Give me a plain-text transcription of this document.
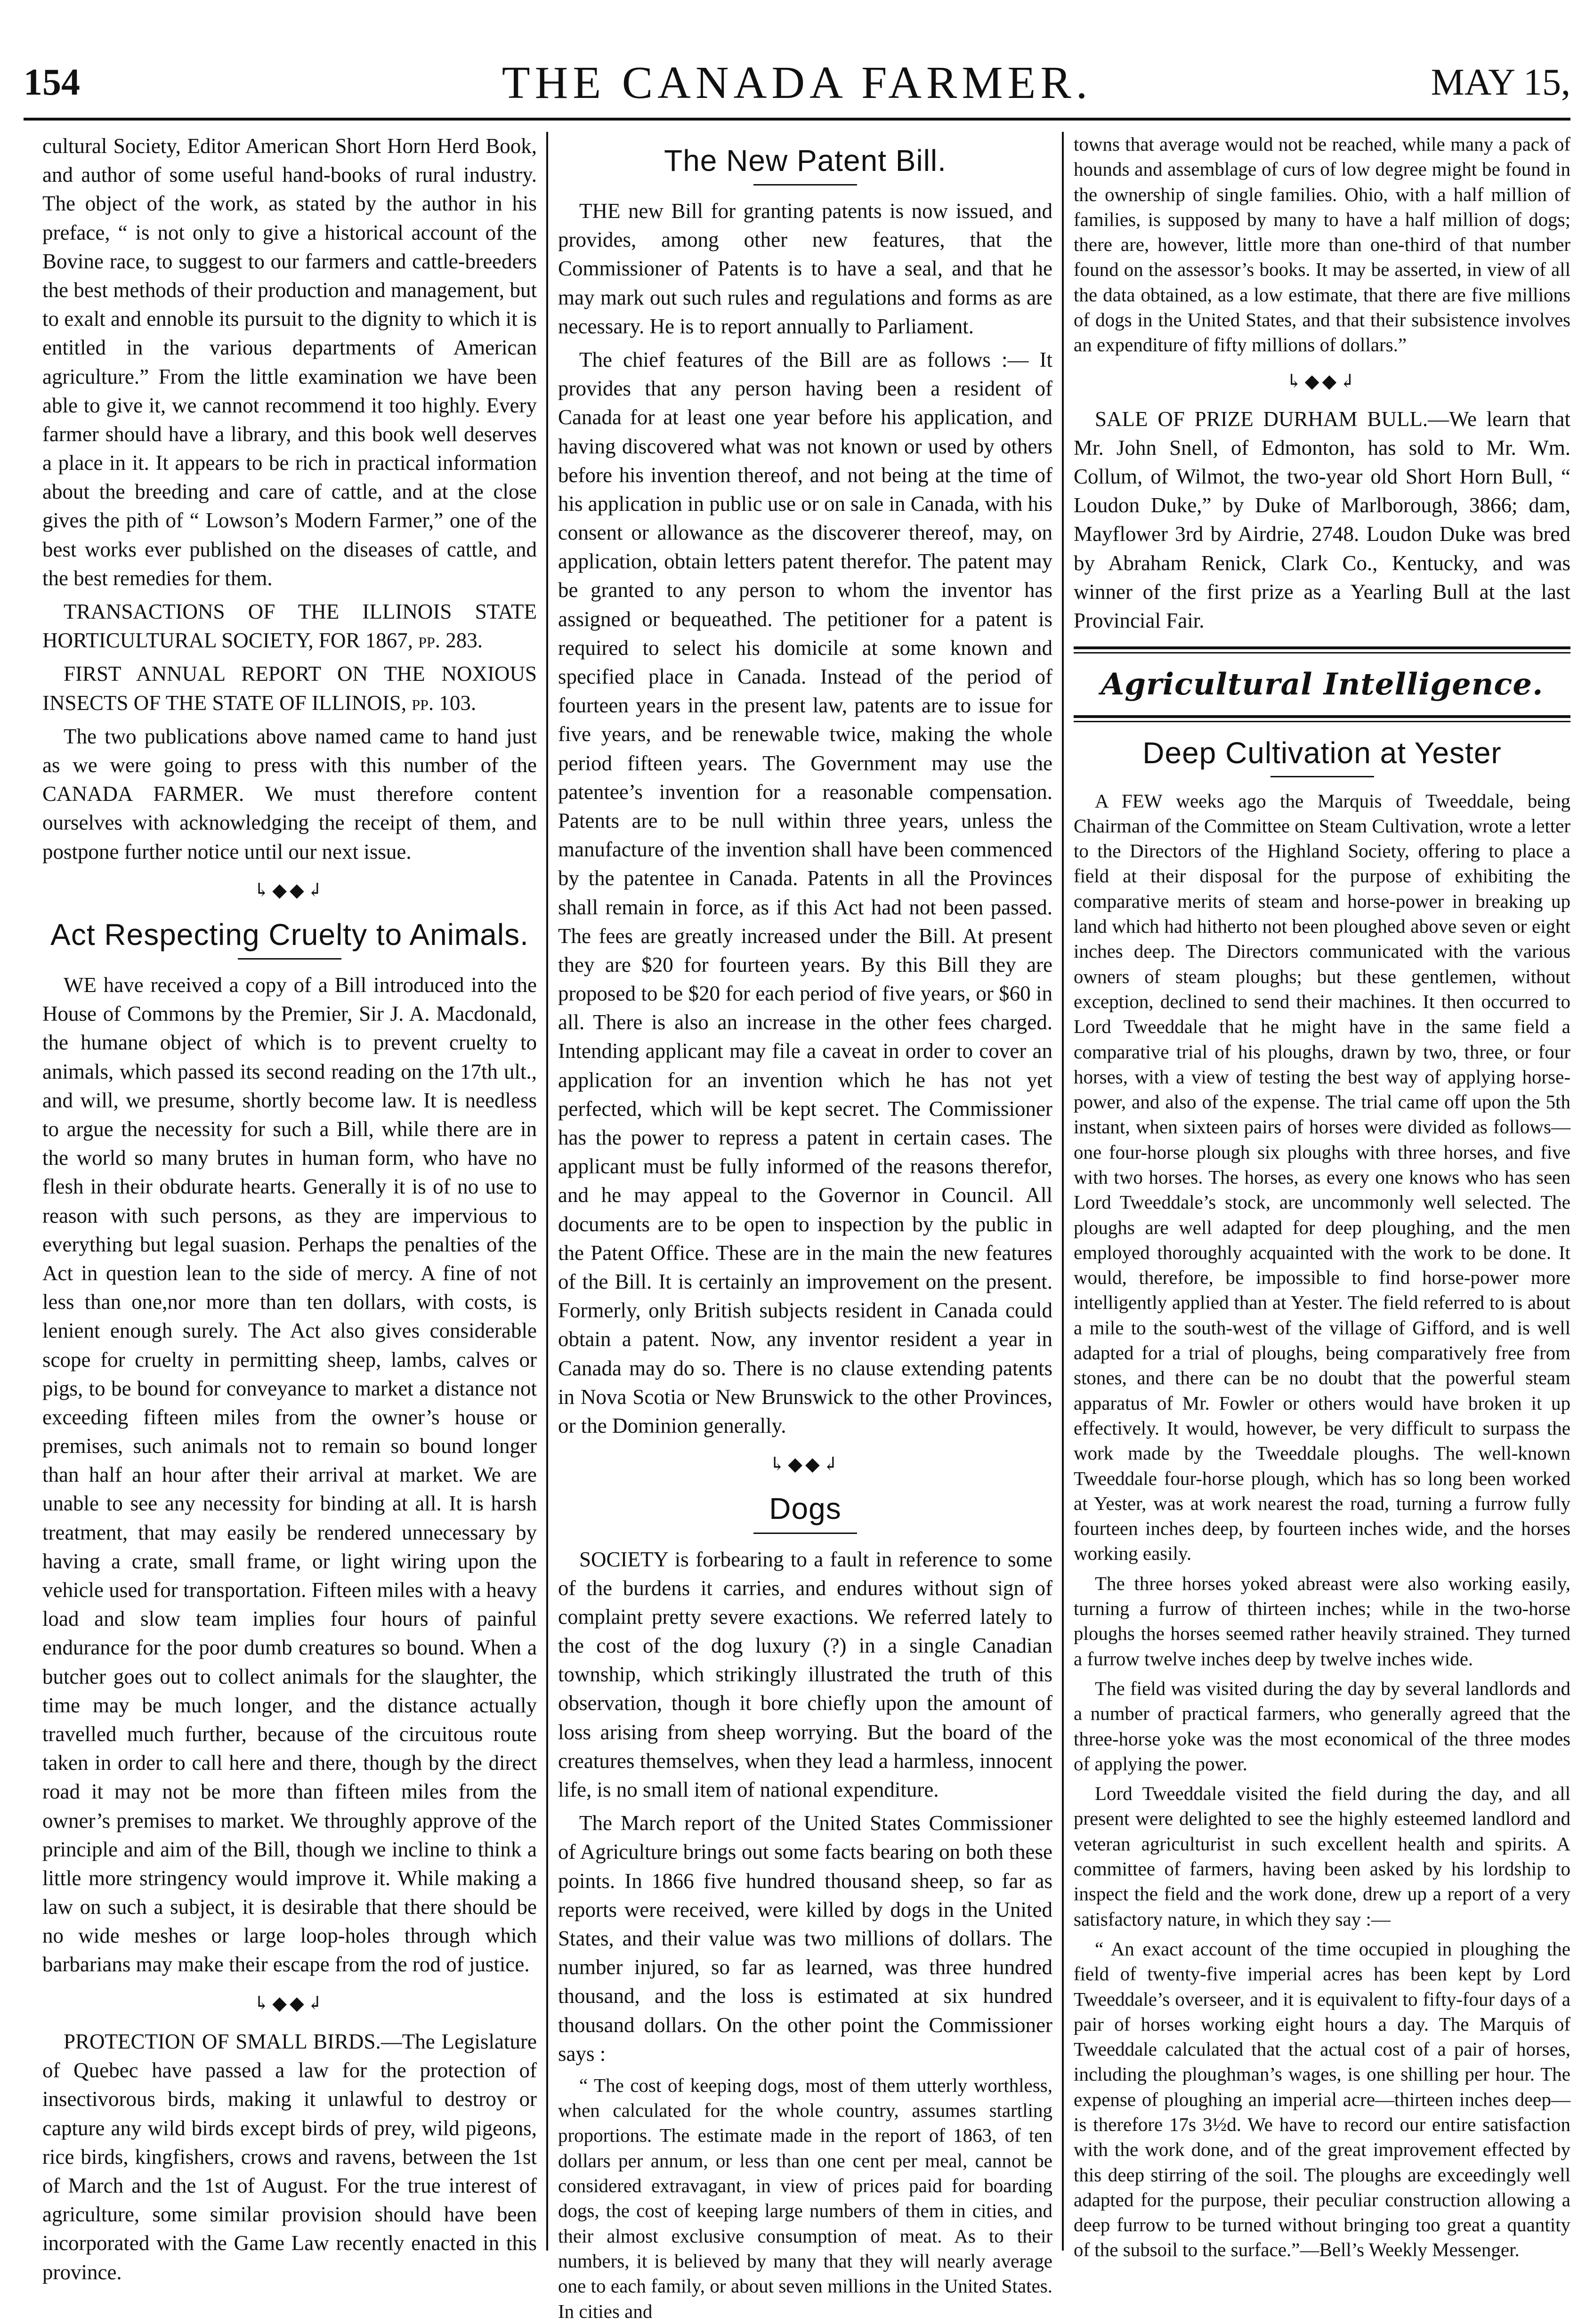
154	THE CANADA FARMER.	MAY 15,

cultural Society, Editor American Short Horn Herd Book, and author of some useful hand-books of rural industry. The object of the work, as stated by the author in his preface, “ is not only to give a historical account of the Bovine race, to suggest to our farmers and cattle-breeders the best methods of their production and management, but to exalt and ennoble its pursuit to the dignity to which it is entitled in the various departments of American agriculture.” From the little examination we have been able to give it, we cannot recommend it too highly. Every farmer should have a library, and this book well deserves a place in it. It appears to be rich in practical information about the breeding and care of cattle, and at the close gives the pith of “ Lowson’s Modern Farmer,” one of the best works ever published on the diseases of cattle, and the best remedies for them.

TRANSACTIONS OF THE ILLINOIS STATE HORTICULTURAL SOCIETY, FOR 1867, pp. 283.

FIRST ANNUAL REPORT ON THE NOXIOUS INSECTS OF THE STATE OF ILLINOIS, pp. 103.

The two publications above named came to hand just as we were going to press with this number of the CANADA FARMER. We must therefore content ourselves with acknowledging the receipt of them, and postpone further notice until our next issue.

↳◆◆↲
Act Respecting Cruelty to Animals.

WE have received a copy of a Bill introduced into the House of Commons by the Premier, Sir J. A. Macdonald, the humane object of which is to prevent cruelty to animals, which passed its second reading on the 17th ult., and will, we presume, shortly become law. It is needless to argue the necessity for such a Bill, while there are in the world so many brutes in human form, who have no flesh in their obdurate hearts. Generally it is of no use to reason with such persons, as they are impervious to everything but legal suasion. Perhaps the penalties of the Act in question lean to the side of mercy. A fine of not less than one,nor more than ten dollars, with costs, is lenient enough surely. The Act also gives considerable scope for cruelty in permitting sheep, lambs, calves or pigs, to be bound for conveyance to market a distance not exceeding fifteen miles from the owner’s house or premises, such animals not to remain so bound longer than half an hour after their arrival at market. We are unable to see any necessity for binding at all. It is harsh treatment, that may easily be rendered unnecessary by having a crate, small frame, or light wiring upon the vehicle used for transportation. Fifteen miles with a heavy load and slow team implies four hours of painful endurance for the poor dumb creatures so bound. When a butcher goes out to collect animals for the slaughter, the time may be much longer, and the distance actually travelled much further, because of the circuitous route taken in order to call here and there, though by the direct road it may not be more than fifteen miles from the owner’s premises to market. We throughly approve of the principle and aim of the Bill, though we incline to think a little more stringency would improve it. While making a law on such a subject, it is desirable that there should be no wide meshes or large loop-holes through which barbarians may make their escape from the rod of justice.

↳◆◆↲

PROTECTION OF SMALL BIRDS.—The Legislature of Quebec have passed a law for the protection of insectivorous birds, making it unlawful to destroy or capture any wild birds except birds of prey, wild pigeons, rice birds, kingfishers, crows and ravens, between the 1st of March and the 1st of August. For the true interest of agriculture, some similar provision should have been incorporated with the Game Law recently enacted in this province.

The New Patent Bill.

THE new Bill for granting patents is now issued, and provides, among other new features, that the Commissioner of Patents is to have a seal, and that he may mark out such rules and regulations and forms as are necessary. He is to report annually to Parliament.

The chief features of the Bill are as follows :— It provides that any person having been a resident of Canada for at least one year before his application, and having discovered what was not known or used by others before his invention thereof, and not being at the time of his application in public use or on sale in Canada, with his consent or allowance as the discoverer thereof, may, on application, obtain letters patent therefor. The patent may be granted to any person to whom the inventor has assigned or bequeathed. The petitioner for a patent is required to select his domicile at some known and specified place in Canada. Instead of the period of fourteen years in the present law, patents are to issue for five years, and be renewable twice, making the whole period fifteen years. The Government may use the patentee’s invention for a reasonable compensation. Patents are to be null within three years, unless the manufacture of the invention shall have been commenced by the patentee in Canada. Patents in all the Provinces shall remain in force, as if this Act had not been passed. The fees are greatly increased under the Bill. At present they are $20 for fourteen years. By this Bill they are proposed to be $20 for each period of five years, or $60 in all. There is also an increase in the other fees charged. Intending applicant may file a caveat in order to cover an application for an invention which he has not yet perfected, which will be kept secret. The Commissioner has the power to repress a patent in certain cases. The applicant must be fully informed of the reasons therefor, and he may appeal to the Governor in Council. All documents are to be open to inspection by the public in the Patent Office. These are in the main the new features of the Bill. It is certainly an improvement on the present. Formerly, only British subjects resident in Canada could obtain a patent. Now, any inventor resident a year in Canada may do so. There is no clause extending patents in Nova Scotia or New Brunswick to the other Provinces, or the Dominion generally.

↳◆◆↲
Dogs

SOCIETY is forbearing to a fault in reference to some of the burdens it carries, and endures without sign of complaint pretty severe exactions. We referred lately to the cost of the dog luxury (?) in a single Canadian township, which strikingly illustrated the truth of this observation, though it bore chiefly upon the amount of loss arising from sheep worrying. But the board of the creatures themselves, when they lead a harmless, innocent life, is no small item of national expenditure.

The March report of the United States Commissioner of Agriculture brings out some facts bearing on both these points. In 1866 five hundred thousand sheep, so far as reports were received, were killed by dogs in the United States, and their value was two millions of dollars. The number injured, so far as learned, was three hundred thousand, and the loss is estimated at six hundred thousand dollars. On the other point the Commissioner says :

“ The cost of keeping dogs, most of them utterly worthless, when calculated for the whole country, assumes startling proportions. The estimate made in the report of 1863, of ten dollars per annum, or less than one cent per meal, cannot be considered extravagant, in view of prices paid for boarding dogs, the cost of keeping large numbers of them in cities, and their almost exclusive consumption of meat. As to their numbers, it is believed by many that they will nearly average one to each family, or about seven millions in the United States. In cities and

towns that average would not be reached, while many a pack of hounds and assemblage of curs of low degree might be found in the ownership of single families. Ohio, with a half million of families, is supposed by many to have a half million of dogs; there are, however, little more than one-third of that number found on the assessor’s books. It may be asserted, in view of all the data obtained, as a low estimate, that there are five millions of dogs in the United States, and that their subsistence involves an expenditure of fifty millions of dollars.”

↳◆◆↲

SALE OF PRIZE DURHAM BULL.—We learn that Mr. John Snell, of Edmonton, has sold to Mr. Wm. Collum, of Wilmot, the two-year old Short Horn Bull, “ Loudon Duke,” by Duke of Marlborough, 3866; dam, Mayflower 3rd by Airdrie, 2748. Loudon Duke was bred by Abraham Renick, Clark Co., Kentucky, and was winner of the first prize as a Yearling Bull at the last Provincial Fair.

Agricultural Intelligence.
Deep Cultivation at Yester

A FEW weeks ago the Marquis of Tweeddale, being Chairman of the Committee on Steam Cultivation, wrote a letter to the Directors of the Highland Society, offering to place a field at their disposal for the purpose of exhibiting the comparative merits of steam and horse-power in breaking up land which had hitherto not been ploughed above seven or eight inches deep. The Directors communicated with the various owners of steam ploughs; but these gentlemen, without exception, declined to send their machines. It then occurred to Lord Tweeddale that he might have in the same field a comparative trial of his ploughs, drawn by two, three, or four horses, with a view of testing the best way of applying horse-power, and also of the expense. The trial came off upon the 5th instant, when sixteen pairs of horses were divided as follows—one four-horse plough six ploughs with three horses, and five with two horses. The horses, as every one knows who has seen Lord Tweeddale’s stock, are uncommonly well selected. The ploughs are well adapted for deep ploughing, and the men employed thoroughly acquainted with the work to be done. It would, therefore, be impossible to find horse-power more intelligently applied than at Yester. The field referred to is about a mile to the south-west of the village of Gifford, and is well adapted for a trial of ploughs, being comparatively free from stones, and there can be no doubt that the powerful steam apparatus of Mr. Fowler or others would have broken it up effectively. It would, however, be very difficult to surpass the work made by the Tweeddale ploughs. The well-known Tweeddale four-horse plough, which has so long been worked at Yester, was at work nearest the road, turning a furrow fully fourteen inches deep, by fourteen inches wide, and the horses working easily.

The three horses yoked abreast were also working easily, turning a furrow of thirteen inches; while in the two-horse ploughs the horses seemed rather heavily strained. They turned a furrow twelve inches deep by twelve inches wide.

The field was visited during the day by several landlords and a number of practical farmers, who generally agreed that the three-horse yoke was the most economical of the three modes of applying the power.

Lord Tweeddale visited the field during the day, and all present were delighted to see the highly esteemed landlord and veteran agriculturist in such excellent health and spirits. A committee of farmers, having been asked by his lordship to inspect the field and the work done, drew up a report of a very satisfactory nature, in which they say :—

“ An exact account of the time occupied in ploughing the field of twenty-five imperial acres has been kept by Lord Tweeddale’s overseer, and it is equivalent to fifty-four days of a pair of horses working eight hours a day. The Marquis of Tweeddale calculated that the actual cost of a pair of horses, including the ploughman’s wages, is one shilling per hour. The expense of ploughing an imperial acre—thirteen inches deep—is therefore 17s 3½d. We have to record our entire satisfaction with the work done, and of the great improvement effected by this deep stirring of the soil. The ploughs are exceedingly well adapted for the purpose, their peculiar construction allowing a deep furrow to be turned without bringing too great a quantity of the subsoil to the surface.”—Bell’s Weekly Messenger.
